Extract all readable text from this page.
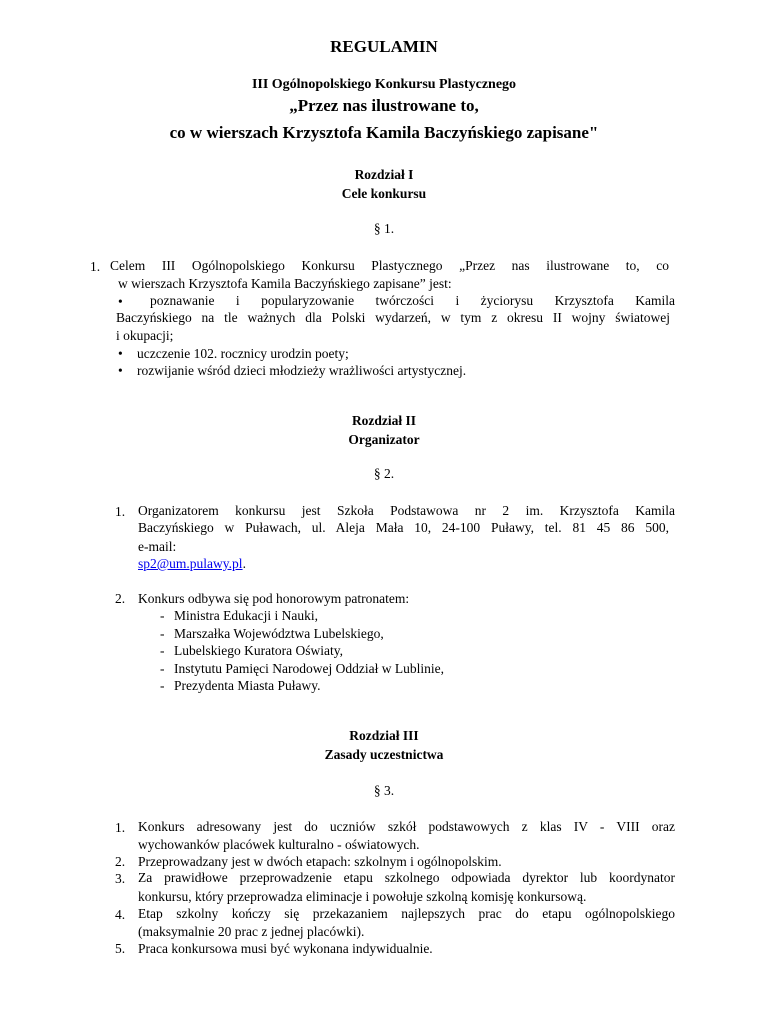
REGULAMIN
III Ogólnopolskiego Konkursu Plastycznego
„Przez nas ilustrowane to,
co w wierszach Krzysztofa Kamila Baczyńskiego zapisane"
Rozdział I
Cele konkursu
§ 1.
1. Celem III Ogólnopolskiego Konkursu Plastycznego „Przez nas ilustrowane to, co
w wierszach Krzysztofa Kamila Baczyńskiego zapisane” jest:
• poznawanie i popularyzowanie twórczości i życiorysu Krzysztofa Kamila
Baczyńskiego na tle ważnych dla Polski wydarzeń, w tym z okresu II wojny światowej
i okupacji;
• uczczenie 102. rocznicy urodzin poety;
• rozwijanie wśród dzieci młodzieży wrażliwości artystycznej.
Rozdział II
Organizator
§ 2.
1. Organizatorem konkursu jest Szkoła Podstawowa nr 2 im. Krzysztofa Kamila
Baczyńskiego w Puławach, ul. Aleja Mała 10, 24-100 Puławy, tel. 81 45 86 500,
e-mail:
sp2@um.pulawy.pl.
2. Konkurs odbywa się pod honorowym patronatem:
- Ministra Edukacji i Nauki,
- Marszałka Województwa Lubelskiego,
- Lubelskiego Kuratora Oświaty,
- Instytutu Pamięci Narodowej Oddział w Lublinie,
- Prezydenta Miasta Puławy.
Rozdział III
Zasady uczestnictwa
§ 3.
1. Konkurs adresowany jest do uczniów szkół podstawowych z klas IV - VIII oraz
wychowanków placówek kulturalno - oświatowych.
2. Przeprowadzany jest w dwóch etapach: szkolnym i ogólnopolskim.
3. Za prawidłowe przeprowadzenie etapu szkolnego odpowiada dyrektor lub koordynator
konkursu, który przeprowadza eliminacje i powołuje szkolną komisję konkursową.
4. Etap szkolny kończy się przekazaniem najlepszych prac do etapu ogólnopolskiego
(maksymalnie 20 prac z jednej placówki).
5. Praca konkursowa musi być wykonana indywidualnie.
